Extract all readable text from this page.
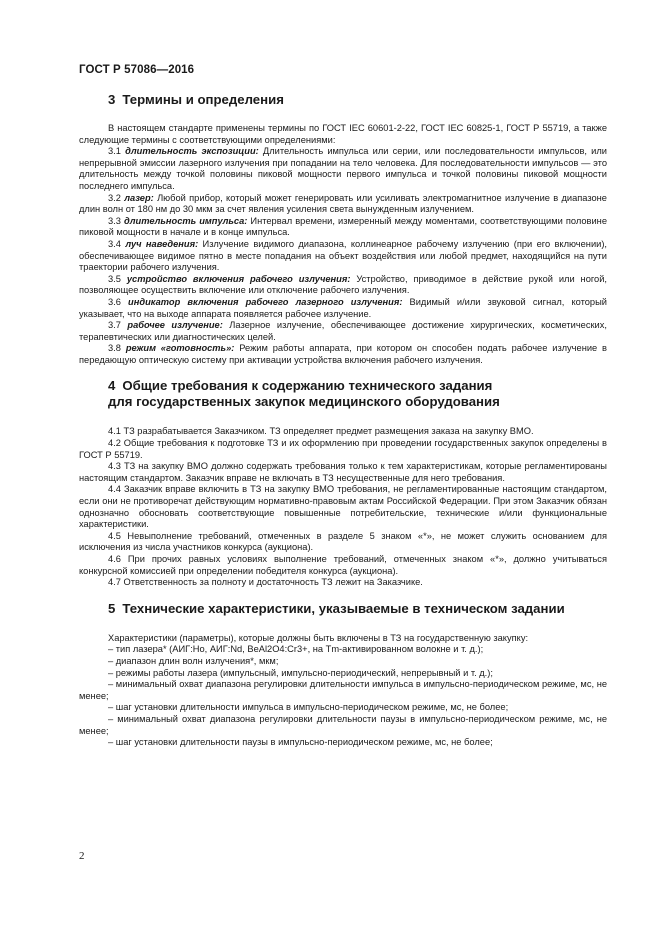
ГОСТ Р 57086—2016
3 Термины и определения

В настоящем стандарте применены термины по ГОСТ IEC 60601-2-22, ГОСТ IEC 60825-1, ГОСТ Р 55719, а также следующие термины с соответствующими определениями:

3.1 длительность экспозиции: Длительность импульса или серии, или последовательности импульсов, или непрерывной эмиссии лазерного излучения при попадании на тело человека. Для последовательности импульсов — это длительность между точкой половины пиковой мощности первого импульса и точкой половины пиковой мощности последнего импульса.

3.2 лазер: Любой прибор, который может генерировать или усиливать электромагнитное излучение в диапазоне длин волн от 180 нм до 30 мкм за счет явления усиления света вынужденным излучением.

3.3 длительность импульса: Интервал времени, измеренный между моментами, соответствующими половине пиковой мощности в начале и в конце импульса.

3.4 луч наведения: Излучение видимого диапазона, коллинеарное рабочему излучению (при его включении), обеспечивающее видимое пятно в месте попадания на объект воздействия или любой предмет, находящийся на пути траектории рабочего излучения.

3.5 устройство включения рабочего излучения: Устройство, приводимое в действие рукой или ногой, позволяющее осуществить включение или отключение рабочего излучения.

3.6 индикатор включения рабочего лазерного излучения: Видимый и/или звуковой сигнал, который указывает, что на выходе аппарата появляется рабочее излучение.

3.7 рабочее излучение: Лазерное излучение, обеспечивающее достижение хирургических, косметических, терапевтических или диагностических целей.

3.8 режим «готовность»: Режим работы аппарата, при котором он способен подать рабочее излучение в передающую оптическую систему при активации устройства включения рабочего излучения.

4 Общие требования к содержанию технического задания
для государственных закупок медицинского оборудования

4.1 ТЗ разрабатывается Заказчиком. ТЗ определяет предмет размещения заказа на закупку ВМО.

4.2 Общие требования к подготовке ТЗ и их оформлению при проведении государственных закупок определены в ГОСТ Р 55719.

4.3 ТЗ на закупку ВМО должно содержать требования только к тем характеристикам, которые регламентированы настоящим стандартом. Заказчик вправе не включать в ТЗ несущественные для него требования.

4.4 Заказчик вправе включить в ТЗ на закупку ВМО требования, не регламентированные настоящим стандартом, если они не противоречат действующим нормативно-правовым актам Российской Федерации. При этом Заказчик обязан однозначно обосновать соответствующие повышенные потребительские, технические и/или функциональные характеристики.

4.5 Невыполнение требований, отмеченных в разделе 5 знаком «*», не может служить основанием для исключения из числа участников конкурса (аукциона).

4.6 При прочих равных условиях выполнение требований, отмеченных знаком «*», должно учитываться конкурсной комиссией при определении победителя конкурса (аукциона).

4.7 Ответственность за полноту и достаточность ТЗ лежит на Заказчике.

5 Технические характеристики, указываемые в техническом задании

Характеристики (параметры), которые должны быть включены в ТЗ на государственную закупку:

– тип лазера* (АИГ:Ho, АИГ:Nd, BeAl2O4:Cr3+, на Tm-активированном волокне и т. д.);

– диапазон длин волн излучения*, мкм;

– режимы работы лазера (импульсный, импульсно-периодический, непрерывный и т. д.);

– минимальный охват диапазона регулировки длительности импульса в импульсно-периодическом режиме, мс, не менее;

– шаг установки длительности импульса в импульсно-периодическом режиме, мс, не более;

– минимальный охват диапазона регулировки длительности паузы в импульсно-периодическом режиме, мс, не менее;

– шаг установки длительности паузы в импульсно-периодическом режиме, мс, не более;

2
